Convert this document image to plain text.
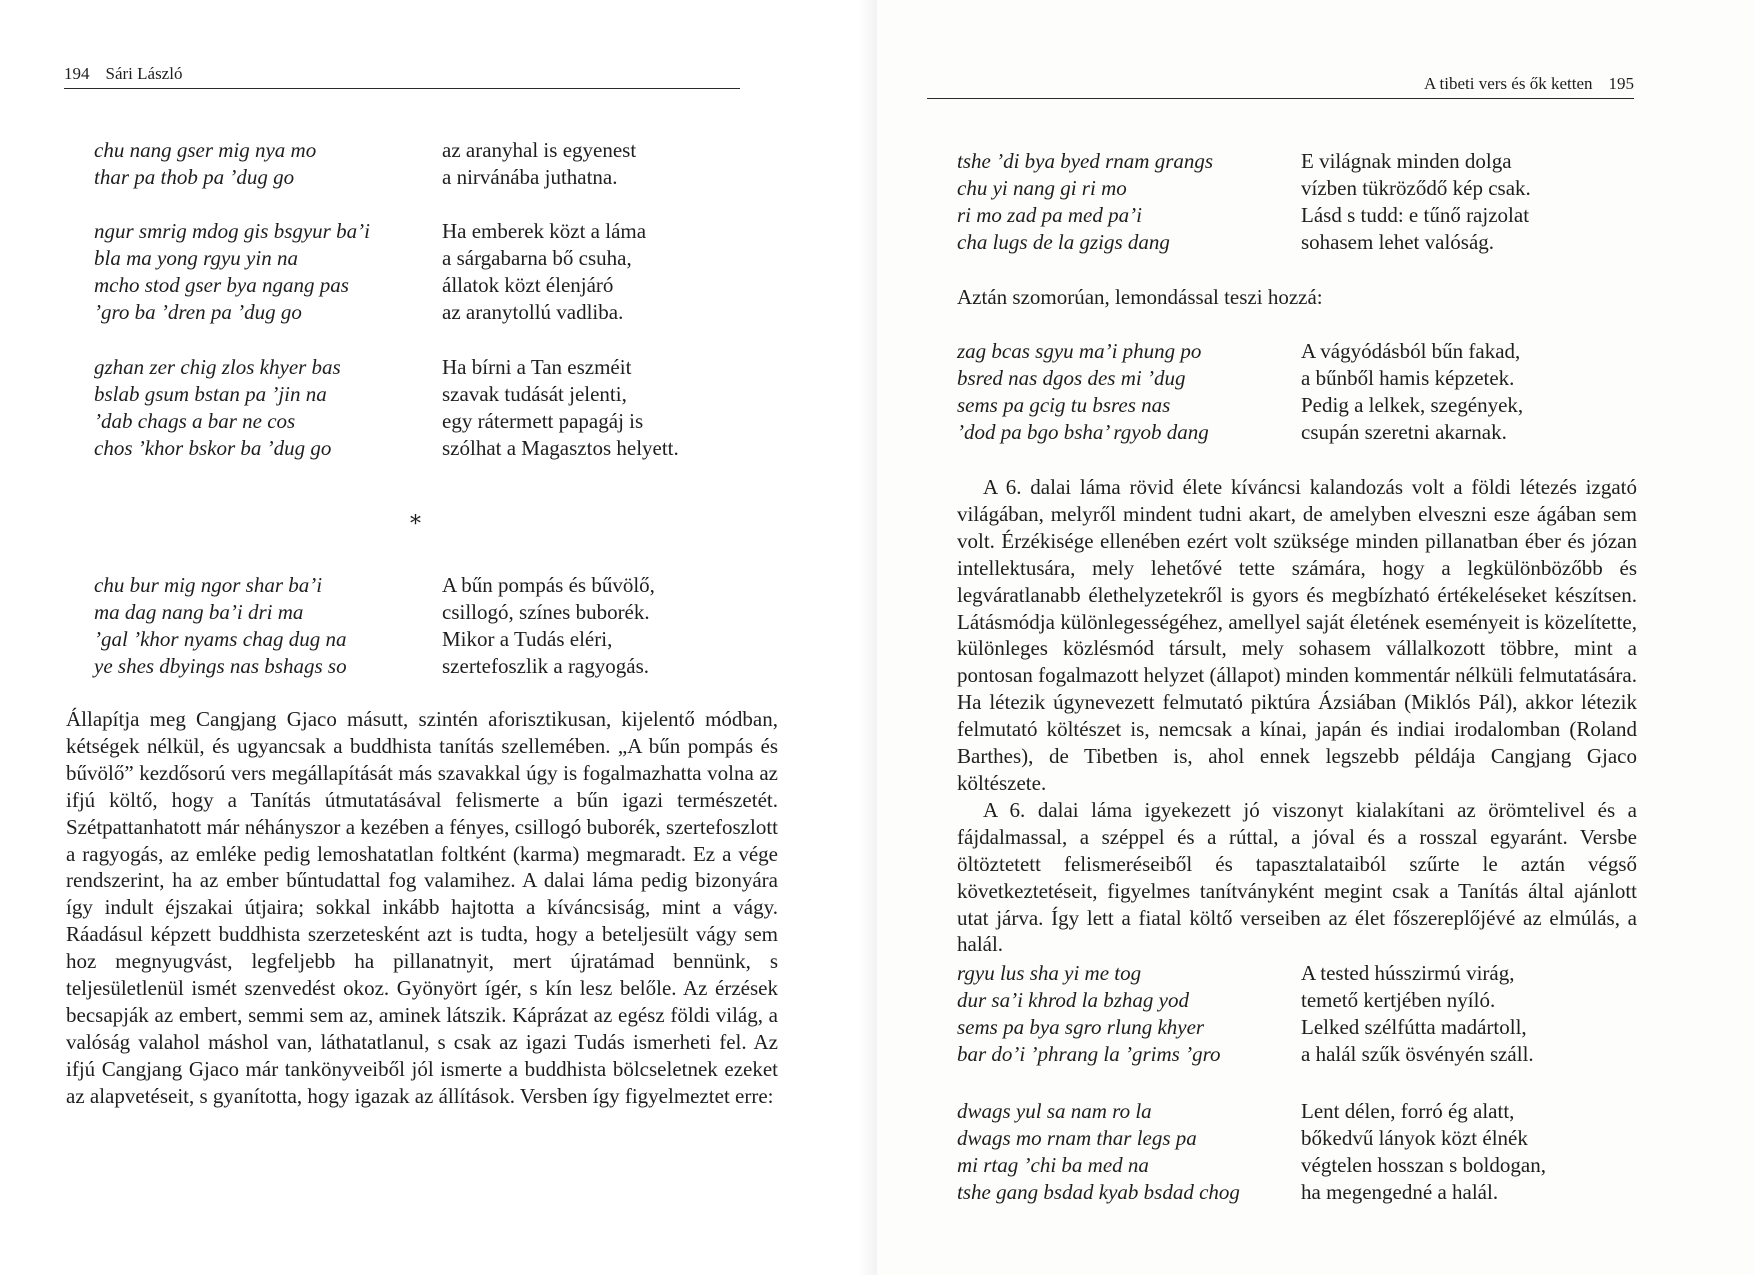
194 Sári László
chu nang gser mig nya mo
thar pa thob pa ’dug go
az aranyhal is egyenest
a nirvánába juthatna.
ngur smrig mdog gis bsgyur ba’i
bla ma yong rgyu yin na
mcho stod gser bya ngang pas
’gro ba ’dren pa ’dug go
Ha emberek közt a láma
a sárgabarna bő csuha,
állatok közt élenjáró
az aranytollú vadliba.
gzhan zer chig zlos khyer bas
bslab gsum bstan pa ’jin na
’dab chags a bar ne cos
chos ’khor bskor ba ’dug go
Ha bírni a Tan eszméit
szavak tudását jelenti,
egy rátermett papagáj is
szólhat a Magasztos helyett.
*
chu bur mig ngor shar ba’i
ma dag nang ba’i dri ma
’gal ’khor nyams chag dug na
ye shes dbyings nas bshags so
A bűn pompás és bűvölő,
csillogó, színes buborék.
Mikor a Tudás eléri,
szertefoszlik a ragyogás.

Állapítja meg Cangjang Gjaco másutt, szintén aforisztikusan, kijelentő módban, kétségek nélkül, és ugyancsak a buddhista tanítás szellemében. „A bűn pompás és bűvölő” kezdősorú vers megállapítását más szavakkal úgy is fogalmazhatta volna az ifjú költő, hogy a Tanítás útmutatásával felismerte a bűn igazi természetét. Szétpattanhatott már néhányszor a kezében a fényes, csillogó buborék, szertefoszlott a ragyogás, az emléke pedig lemoshatatlan foltként (karma) megmaradt. Ez a vége rendszerint, ha az ember bűntudattal fog valamihez. A dalai láma pedig bizonyára így indult éjszakai útjaira; sokkal inkább hajtotta a kíváncsiság, mint a vágy. Ráadásul képzett buddhista szerzetesként azt is tudta, hogy a beteljesült vágy sem hoz megnyugvást, legfeljebb ha pillanatnyit, mert újratámad bennünk, s teljesületlenül ismét szenvedést okoz. Gyönyört ígér, s kín lesz belőle. Az érzések becsapják az embert, semmi sem az, aminek látszik. Káprázat az egész földi világ, a valóság valahol máshol van, láthatatlanul, s csak az igazi Tudás ismerheti fel. Az ifjú Cangjang Gjaco már tankönyveiből jól ismerte a buddhista bölcseletnek ezeket az alapvetéseit, s gyanította, hogy igazak az állítások. Versben így figyelmeztet erre:

A tibeti vers és ők ketten 195
tshe ’di bya byed rnam grangs
chu yi nang gi ri mo
ri mo zad pa med pa’i
cha lugs de la gzigs dang
E világnak minden dolga
vízben tükröződő kép csak.
Lásd s tudd: e tűnő rajzolat
sohasem lehet valóság.
Aztán szomorúan, lemondással teszi hozzá:
zag bcas sgyu ma’i phung po
bsred nas dgos des mi ’dug
sems pa gcig tu bsres nas
’dod pa bgo bsha’ rgyob dang
A vágyódásból bűn fakad,
a bűnből hamis képzetek.
Pedig a lelkek, szegények,
csupán szeretni akarnak.

A 6. dalai láma rövid élete kíváncsi kalandozás volt a földi létezés izgató világában, melyről mindent tudni akart, de amelyben elveszni esze ágában sem volt. Érzékisége ellenében ezért volt szüksége minden pillanatban éber és józan intellektusára, mely lehetővé tette számára, hogy a legkülönbözőbb és legváratlanabb élethelyzetekről is gyors és megbízható értékeléseket készítsen. Látásmódja különlegességéhez, amellyel saját életének eseményeit is közelítette, különleges közlésmód társult, mely sohasem vállalkozott többre, mint a pontosan fogalmazott helyzet (állapot) minden kommentár nélküli felmutatására. Ha létezik úgynevezett felmutató piktúra Ázsiában (Miklós Pál), akkor létezik felmutató költészet is, nemcsak a kínai, japán és indiai irodalomban (Roland Barthes), de Tibetben is, ahol ennek legszebb példája Cangjang Gjaco költészete.

A 6. dalai láma igyekezett jó viszonyt kialakítani az örömtelivel és a fájdalmassal, a széppel és a rúttal, a jóval és a rosszal egyaránt. Versbe öltöztetett felismeréseiből és tapasztalataiból szűrte le aztán végső következtetéseit, figyelmes tanítványként megint csak a Tanítás által ajánlott utat járva. Így lett a fiatal költő verseiben az élet főszereplőjévé az elmúlás, a halál.

rgyu lus sha yi me tog
dur sa’i khrod la bzhag yod
sems pa bya sgro rlung khyer
bar do’i ’phrang la ’grims ’gro
A tested hússzirmú virág,
temető kertjében nyíló.
Lelked szélfútta madártoll,
a halál szűk ösvényén száll.
dwags yul sa nam ro la
dwags mo rnam thar legs pa
mi rtag ’chi ba med na
tshe gang bsdad kyab bsdad chog
Lent délen, forró ég alatt,
bőkedvű lányok közt élnék
végtelen hosszan s boldogan,
ha megengedné a halál.
